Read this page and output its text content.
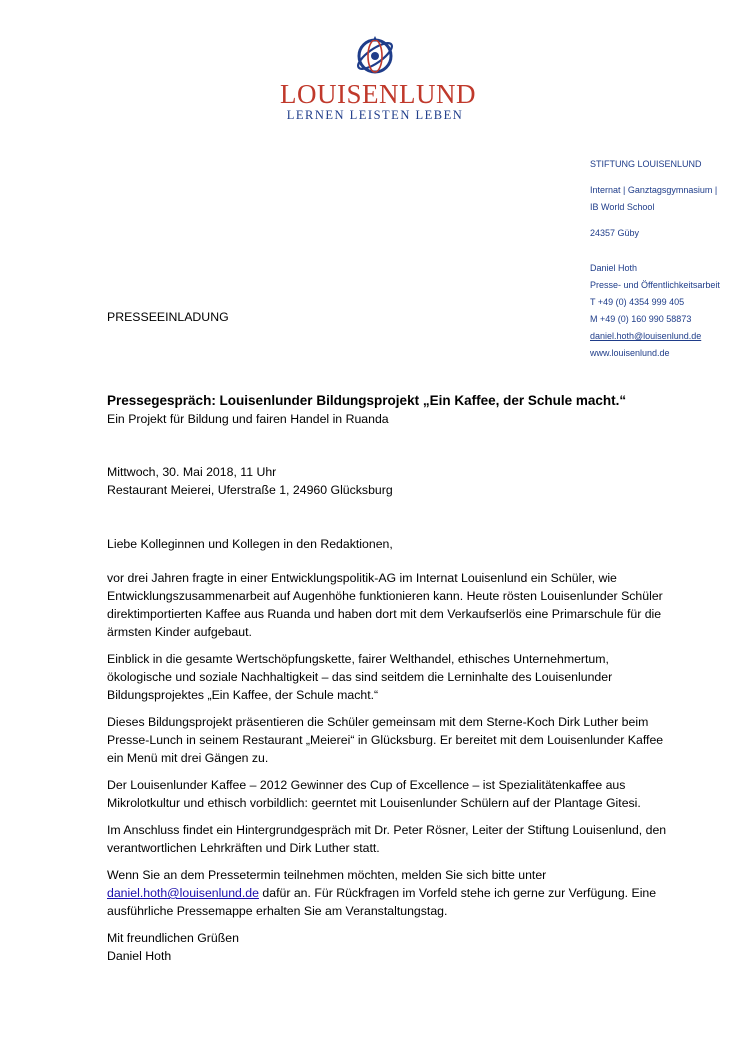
LOUISENLUND
LERNEN LEISTEN LEBEN
STIFTUNG LOUISENLUND
Internat | Ganztagsgymnasium |
IB World School
24357 Güby
Daniel Hoth
Presse- und Öffentlichkeitsarbeit
T +49 (0) 4354 999 405
M +49 (0) 160 990 58873
daniel.hoth@louisenlund.de
www.louisenlund.de
PRESSEEINLADUNG
Pressegespräch: Louisenlunder Bildungsprojekt „Ein Kaffee, der Schule macht.“
Ein Projekt für Bildung und fairen Handel in Ruanda
Mittwoch, 30. Mai 2018, 11 Uhr
Restaurant Meierei, Uferstraße 1, 24960 Glücksburg

Liebe Kolleginnen und Kollegen in den Redaktionen,

vor drei Jahren fragte in einer Entwicklungspolitik-AG im Internat Louisenlund ein Schüler, wie Entwicklungszusammenarbeit auf Augenhöhe funktionieren kann. Heute rösten Louisenlunder Schüler direktimportierten Kaffee aus Ruanda und haben dort mit dem Verkaufserlös eine Primarschule für die ärmsten Kinder aufgebaut.

Einblick in die gesamte Wertschöpfungskette, fairer Welthandel, ethisches Unternehmertum, ökologische und soziale Nachhaltigkeit – das sind seitdem die Lerninhalte des Louisenlunder Bildungsprojektes „Ein Kaffee, der Schule macht.“

Dieses Bildungsprojekt präsentieren die Schüler gemeinsam mit dem Sterne-Koch Dirk Luther beim Presse-Lunch in seinem Restaurant „Meierei“ in Glücksburg. Er bereitet mit dem Louisenlunder Kaffee ein Menü mit drei Gängen zu.

Der Louisenlunder Kaffee – 2012 Gewinner des Cup of Excellence – ist Spezialitätenkaffee aus Mikrolotkultur und ethisch vorbildlich: geerntet mit Louisenlunder Schülern auf der Plantage Gitesi.

Im Anschluss findet ein Hintergrundgespräch mit Dr. Peter Rösner, Leiter der Stiftung Louisenlund, den verantwortlichen Lehrkräften und Dirk Luther statt.

Wenn Sie an dem Pressetermin teilnehmen möchten, melden Sie sich bitte unter daniel.hoth@louisenlund.de dafür an. Für Rückfragen im Vorfeld stehe ich gerne zur Verfügung. Eine ausführliche Pressemappe erhalten Sie am Veranstaltungstag.

Mit freundlichen Grüßen
Daniel Hoth
